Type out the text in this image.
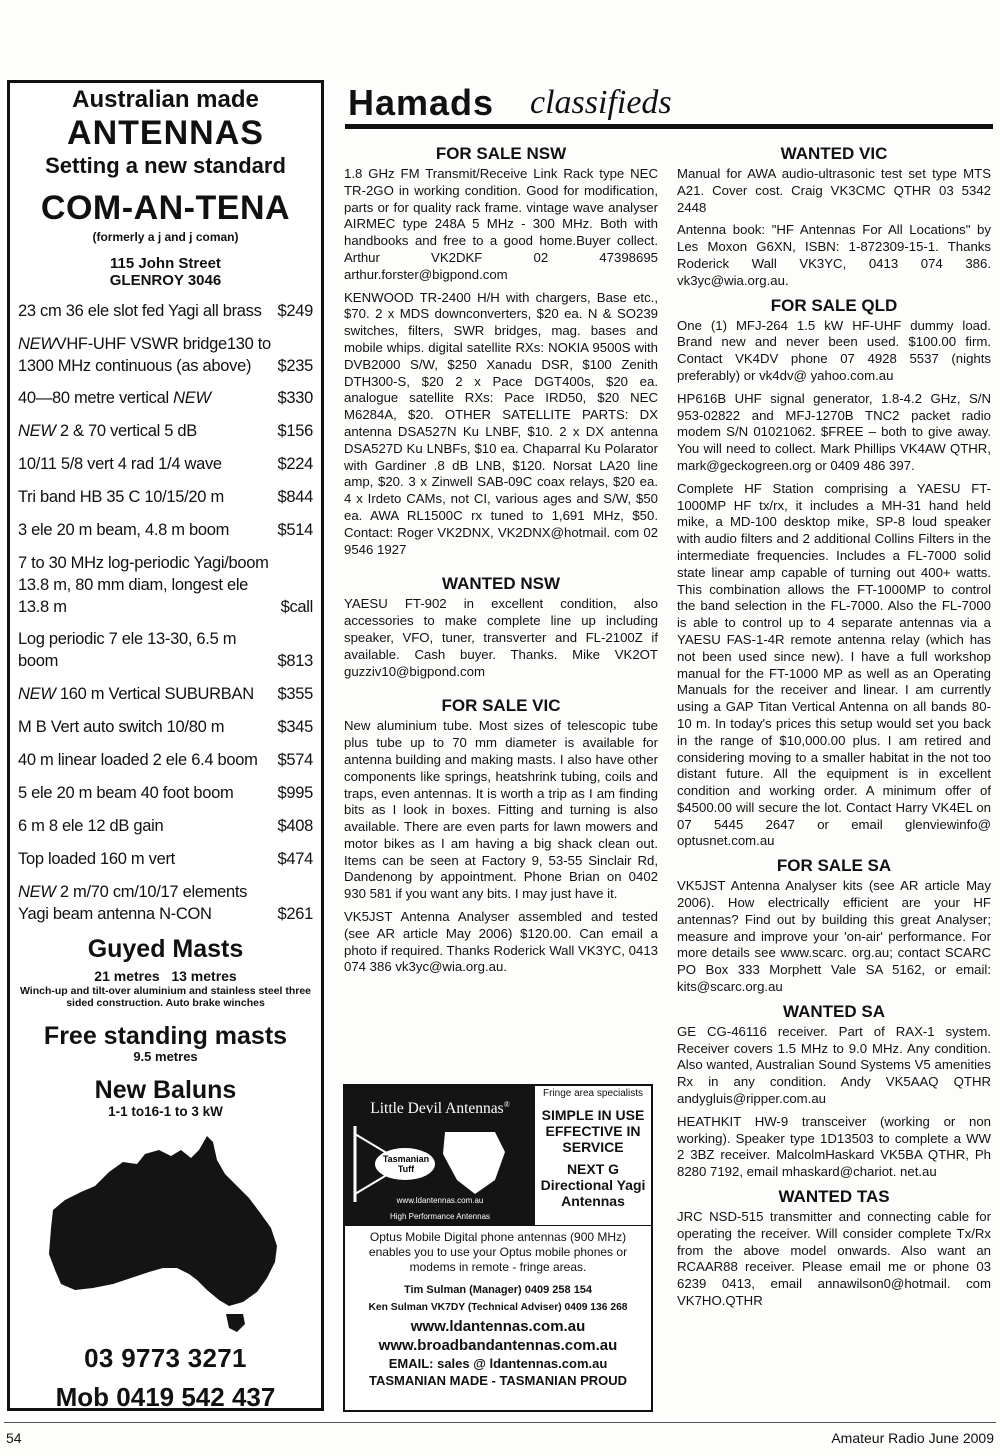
Australian made
ANTENNAS
Setting a new standard
COM-AN-TENA
(formerly a j and j coman)
115 John Street
GLENROY 3046
23 cm 36 ele slot fed Yagi all brass $249
NEWVHF-UHF VSWR bridge130 to 1300 MHz continuous (as above)	$235
40—80 metre vertical NEW	$330
NEW 2 & 70 vertical 5 dB	$156
10/11 5/8 vert 4 rad 1/4 wave	$224
Tri band HB 35 C 10/15/20 m	$844
3 ele 20 m beam, 4.8 m boom	$514
7 to 30 MHz log-periodic Yagi/boom 13.8 m, 80 mm diam, longest ele 13.8 m	$call
Log periodic 7 ele 13-30, 6.5 m boom	$813
NEW 160 m Vertical SUBURBAN	$355
M B Vert auto switch 10/80 m	$345
40 m linear loaded 2 ele 6.4 boom	$574
5 ele 20 m beam 40 foot boom	$995
6 m 8 ele 12 dB gain	$408
Top loaded 160 m vert	$474
NEW 2 m/70 cm/10/17 elements Yagi beam antenna N-CON	$261
Guyed Masts
21 metres   13 metres
Winch-up and tilt-over aluminium and stainless steel three sided construction. Auto brake winches
Free standing masts
9.5 metres
New Baluns
1-1 to16-1 to 3 kW
03 9773 3271
Mob 0419 542 437
Hamads classifieds
FOR SALE NSW

1.8 GHz FM Transmit/Receive Link Rack type NEC TR-2GO in working condition. Good for modification, parts or for quality rack frame. vintage wave analyser AIRMEC type 248A 5 MHz - 300 MHz. Both with handbooks and free to a good home.Buyer collect. Arthur VK2DKF 02 47398695 arthur.forster@bigpond.com

KENWOOD TR-2400 H/H with chargers, Base etc., $70. 2 x MDS downconverters, $20 ea. N & SO239 switches, filters, SWR bridges, mag. bases and mobile whips. digital satellite RXs: NOKIA 9500S with DVB2000 S/W, $250 Xanadu DSR, $100 Zenith DTH300-S, $20 2 x Pace DGT400s, $20 ea. analogue satellite RXs: Pace IRD50, $20 NEC M6284A, $20. OTHER SATELLITE PARTS: DX antenna DSA527N Ku LNBF, $10. 2 x DX antenna DSA527D Ku LNBFs, $10 ea. Chaparral Ku Polarator with Gardiner .8 dB LNB, $120. Norsat LA20 line amp, $20. 3 x Zinwell SAB-09C coax relays, $20 ea. 4 x Irdeto CAMs, not CI, various ages and S/W, $50 ea. AWA RL1500C rx tuned to 1,691 MHz, $50. Contact: Roger VK2DNX, VK2DNX@hotmail. com 02 9546 1927

WANTED NSW

YAESU FT-902 in excellent condition, also accessories to make complete line up including speaker, VFO, tuner, transverter and FL-2100Z if available. Cash buyer. Thanks. Mike VK2OT guzziv10@bigpond.com

FOR SALE VIC

New aluminium tube. Most sizes of telescopic tube plus tube up to 70 mm diameter is available for antenna building and making masts. I also have other components like springs, heatshrink tubing, coils and traps, even antennas. It is worth a trip as I am finding bits as I look in boxes. Fitting and turning is also available. There are even parts for lawn mowers and motor bikes as I am having a big shack clean out. Items can be seen at Factory 9, 53-55 Sinclair Rd, Dandenong by appointment. Phone Brian on 0402 930 581 if you want any bits. I may just have it.

VK5JST Antenna Analyser assembled and tested (see AR article May 2006) $120.00. Can email a photo if required. Thanks Roderick Wall VK3YC, 0413 074 386 vk3yc@wia.org.au.

Little Devil Antennas®
Tasmanian
Tuff
www.ldantennas.com.au
High Performance Antennas
Fringe area specialists
SIMPLE IN USE EFFECTIVE IN SERVICE
NEXT G Directional Yagi Antennas
Optus Mobile Digital phone antennas (900 MHz) enables you to use your Optus mobile phones or modems in remote - fringe areas.
Tim Sulman (Manager) 0409 258 154
Ken Sulman VK7DY (Technical Adviser) 0409 136 268
www.ldantennas.com.au
www.broadbandantennas.com.au
EMAIL: sales @ ldantennas.com.au
TASMANIAN MADE - TASMANIAN PROUD
WANTED VIC

Manual for AWA audio-ultrasonic test set type MTS A21. Cover cost. Craig VK3CMC QTHR 03 5342 2448

Antenna book: "HF Antennas For All Locations" by Les Moxon G6XN, ISBN: 1-872309-15-1. Thanks Roderick Wall VK3YC, 0413 074 386. vk3yc@wia.org.au.

FOR SALE QLD

One (1) MFJ-264 1.5 kW HF-UHF dummy load. Brand new and never been used. $100.00 firm. Contact VK4DV phone 07 4928 5537 (nights preferably) or vk4dv@ yahoo.com.au

HP616B UHF signal generator, 1.8-4.2 GHz, S/N 953-02822 and MFJ-1270B TNC2 packet radio modem S/N 01021062. $FREE – both to give away. You will need to collect. Mark Phillips VK4AW QTHR, mark@geckogreen.org or 0409 486 397.

Complete HF Station comprising a YAESU FT-1000MP HF tx/rx, it includes a MH-31 hand held mike, a MD-100 desktop mike, SP-8 loud speaker with audio filters and 2 additional Collins Filters in the intermediate frequencies. Includes a FL-7000 solid state linear amp capable of turning out 400+ watts. This combination allows the FT-1000MP to control the band selection in the FL-7000. Also the FL-7000 is able to control up to 4 separate antennas via a YAESU FAS-1-4R remote antenna relay (which has not been used since new). I have a full workshop manual for the FT-1000 MP as well as an Operating Manuals for the receiver and linear. I am currently using a GAP Titan Vertical Antenna on all bands 80-10 m. In today's prices this setup would set you back in the range of $10,000.00 plus. I am retired and considering moving to a smaller habitat in the not too distant future. All the equipment is in excellent condition and working order. A minimum offer of $4500.00 will secure the lot. Contact Harry VK4EL on 07 5445 2647 or email glenviewinfo@ optusnet.com.au

FOR SALE SA

VK5JST Antenna Analyser kits (see AR article May 2006). How electrically efficient are your HF antennas? Find out by building this great Analyser; measure and improve your 'on-air' performance. For more details see www.scarc. org.au; contact SCARC PO Box 333 Morphett Vale SA 5162, or email: kits@scarc.org.au

WANTED SA

GE CG-46116 receiver. Part of RAX-1 system. Receiver covers 1.5 MHz to 9.0 MHz. Any condition. Also wanted, Australian Sound Systems V5 amenities Rx in any condition. Andy VK5AAQ QTHR andygluis@ripper.com.au

HEATHKIT HW-9 transceiver (working or non working). Speaker type 1D13503 to complete a WW 2 3BZ receiver. MalcolmHaskard VK5BA QTHR, Ph 8280 7192, email mhaskard@chariot. net.au

WANTED TAS

JRC NSD-515 transmitter and connecting cable for operating the receiver. Will consider complete Tx/Rx from the above model onwards. Also want an RCAAR88 receiver. Please email me or phone 03 6239 0413, email annawilson0@hotmail. com VK7HO.QTHR

54	Amateur Radio June 2009
